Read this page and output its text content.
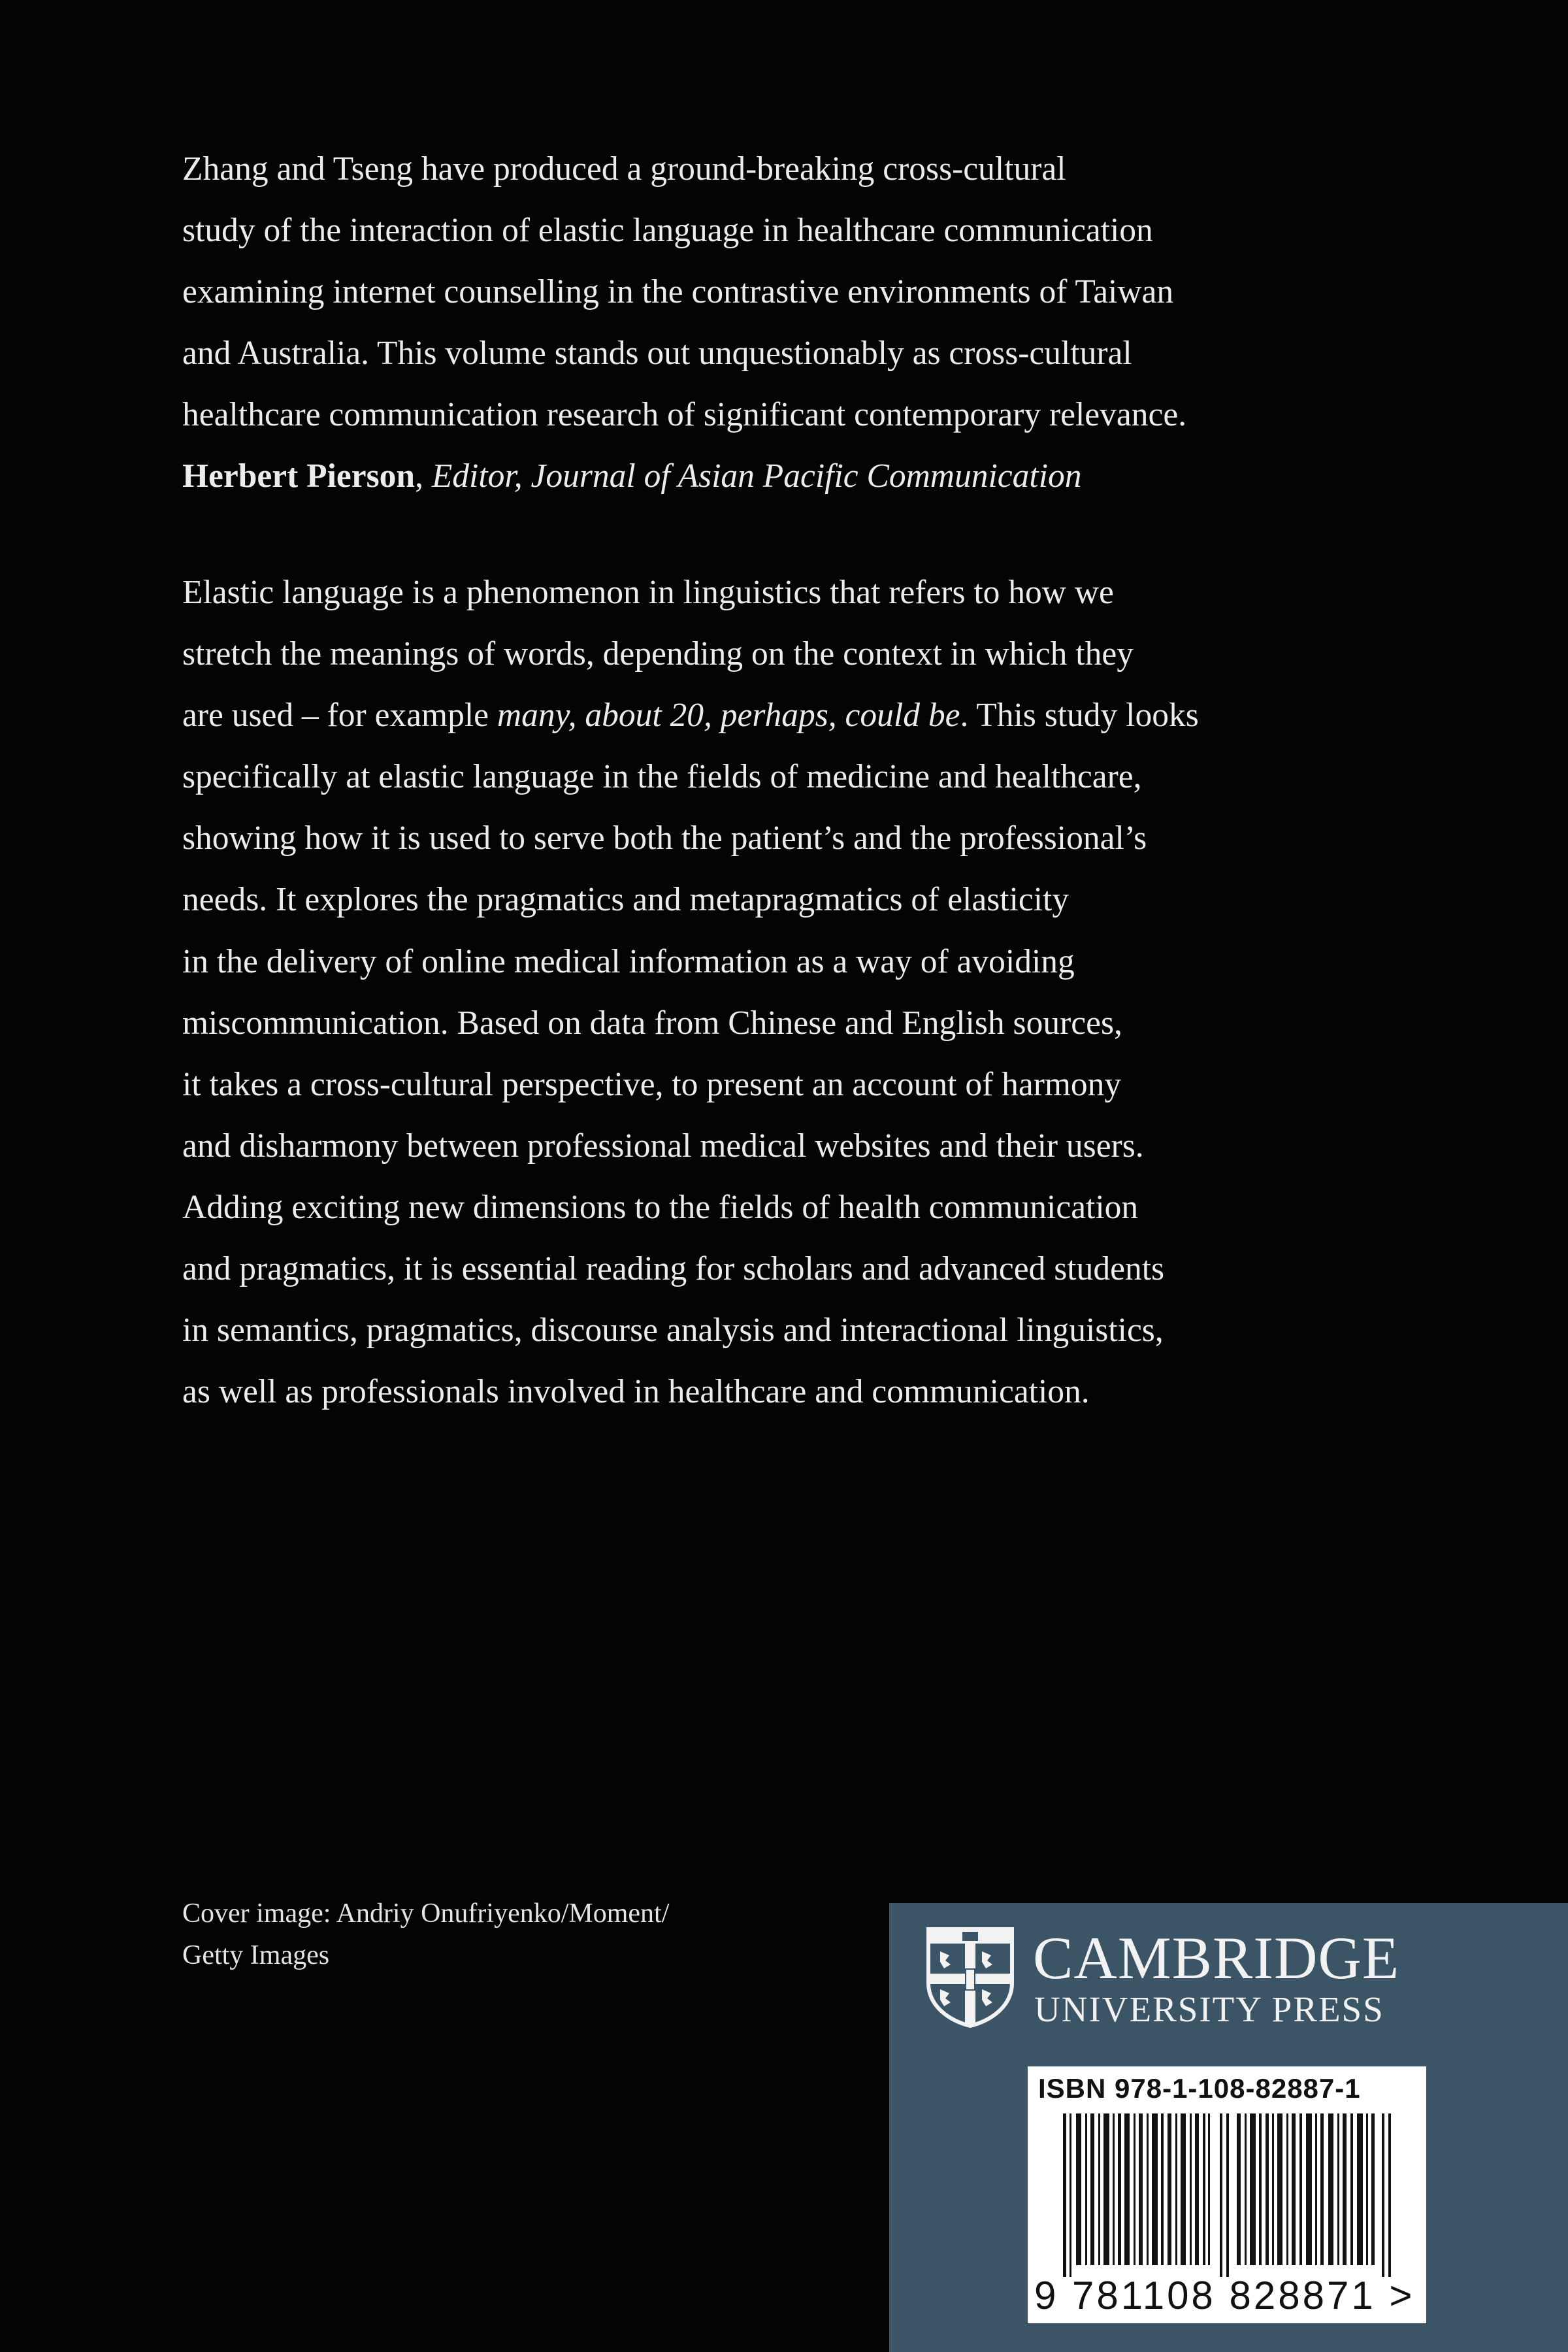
Zhang and Tseng have produced a ground-breaking cross-cultural

study of the interaction of elastic language in healthcare communication

examining internet counselling in the contrastive environments of Taiwan

and Australia. This volume stands out unquestionably as cross-cultural

healthcare communication research of significant contemporary relevance.

Herbert Pierson, Editor, Journal of Asian Pacific Communication

Elastic language is a phenomenon in linguistics that refers to how we
stretch the meanings of words, depending on the context in which they
are used – for example many, about 20, perhaps, could be. This study looks
specifically at elastic language in the fields of medicine and healthcare,
showing how it is used to serve both the patient’s and the professional’s
needs. It explores the pragmatics and metapragmatics of elasticity
in the delivery of online medical information as a way of avoiding
miscommunication. Based on data from Chinese and English sources,
it takes a cross-cultural perspective, to present an account of harmony
and disharmony between professional medical websites and their users.
Adding exciting new dimensions to the fields of health communication
and pragmatics, it is essential reading for scholars and advanced students
in semantics, pragmatics, discourse analysis and interactional linguistics,
as well as professionals involved in healthcare and communication.
Cover image: Andriy Onufriyenko/Moment/
Getty Images	CAMBRIDGE
UNIVERSITY PRESS
ISBN 978-1-108-82887-1
9 781108 828871 >
